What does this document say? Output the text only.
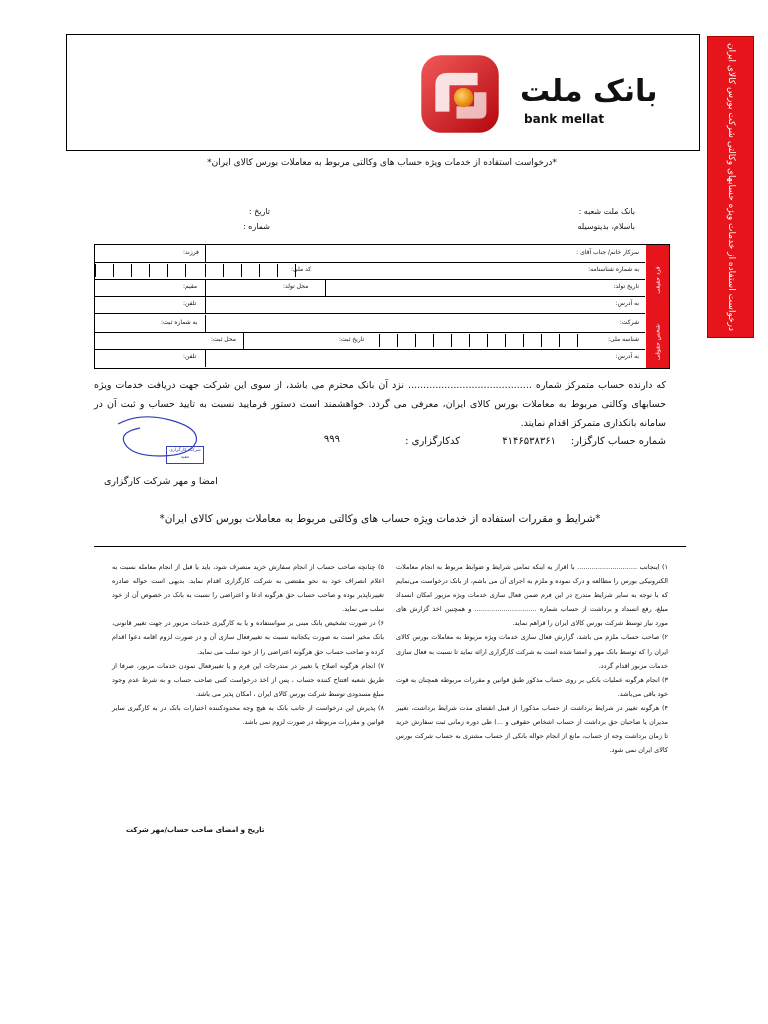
درخواست استفاده از خدمات ویژه حسابهای وکالتی شرکت بورس کالای ایران
بانک ملت
bank mellat
*درخواست استفاده از خدمات ویژه حساب های وکالتی مربوط به معاملات بورس کالای ایران*
بانک ملت شعبه :
باسلام، بدینوسیله
تاریخ :
شماره :
فرد حقیقی
شخص حقوقی
سرکار خانم/ جناب آقای :
فرزند:
به شماره شناسنامه:
کد ملی:
تاریخ تولد:
محل تولد:
مقیم:
به آدرس:
تلفن:
شرکت:
به شماره ثبت:
شناسه ملی:
تاریخ ثبت:
محل ثبت:
به آدرس:
تلفن:
که دارنده حساب متمرکز شماره ......................................... نزد آن بانک محترم می باشد، از سوی این شرکت جهت دریافت خدمات ویژه حسابهای وکالتی مربوط به معاملات بورس کالای ایران، معرفی می گردد. خواهشمند است دستور فرمایید نسبت به تایید حساب و ثبت آن در سامانه بانکداری متمرکز اقدام نمایند.
۴۱۴۶۵۳۸۳۶۱ شماره حساب کارگزار:
کدکارگزاری :
۹۹۹
شرکت کارگزاری مفید
امضا و مهر شرکت کارگزاری
*شرایط و مقررات استفاده از خدمات ویژه حساب های وکالتی مربوط به معاملات بورس کالای ایران*

۱) اینجانب ............................. با اقرار به اینکه تمامی شرایط و ضوابط مربوط به انجام معاملات الکترونیکی بورس را مطالعه و درک نموده و ملزم به اجرای آن می باشم، از بانک درخواست می‌نمایم که با توجه به سایر شرایط مندرج در این فرم ضمن فعال سازی خدمات ویژه مزبور امکان انسداد مبلغ، رفع انسداد و برداشت از حساب شماره .............................. و همچنین اخذ گزارش های مورد نیاز توسط شرکت بورس کالای ایران را فراهم نماید.

۲) صاحب حساب ملزم می باشد، گزارش فعال سازی خدمات ویژه مربوط به معاملات بورس کالای ایران را که توسط بانک مهر و امضا شده است به شرکت کارگزاری ارائه نماید تا نسبت به فعال سازی خدمات مزبور اقدام گردد.

۳) انجام هرگونه عملیات بانکی بر روی حساب مذکور طبق قوانین و مقررات مربوطه همچنان به قوت خود باقی می‌باشد.

۴) هرگونه تغییر در شرایط برداشت از حساب مذکور( از قبیل انقضای مدت شرایط برداشت، تغییر مدیران یا صاحبان حق برداشت از حساب اشخاص حقوقی و ...) طی دوره زمانی ثبت سفارش خرید تا زمان برداشت وجه از حساب، مانع از انجام حواله بانکی از حساب مشتری به حساب شرکت بورس کالای ایران نمی شود.

۵) چنانچه صاحب حساب از انجام سفارش خرید منصرف شود، باید یا قبل از انجام معامله نسبت به اعلام انصراف خود به نحو مقتضی به شرکت کارگزاری اقدام نماید. بدیهی است حواله صادره تغییرناپذیر بوده و صاحب حساب حق هرگونه ادعا و اعتراضی را نسبت به بانک در خصوص آن از خود سلب می نماید.

۶) در صورت تشخیص بانک مبنی بر سواستفاده و یا به کارگیری خدمات مزبور در جهت تغییر قانونی، بانک مخیر است به صورت یکجانبه نسبت به تغییرفعال سازی آن و در صورت لزوم اقامه دعوا اقدام کرده و صاحب حساب حق هرگونه اعتراضی را از خود سلب می نماید.

۷) انجام هرگونه اصلاح یا تغییر در مندرجات این فرم و یا تغییرفعال نمودن خدمات مزبور، صرفا از طریق شعبه افتتاح کننده حساب ، پس از اخذ درخواست کتبی صاحب حساب و به شرط عدم وجود مبلغ مسدودی توسط شرکت بورس کالای ایران ، امکان پذیر می باشد.

۸) پذیرش این درخواست از جانب بانک به هیچ وجه محدودکننده اختیارات بانک در به کارگیری سایر قوانین و مقررات مربوطه در صورت لزوم نمی باشد.

تاریخ و امضای صاحب حساب/مهر شرکت
